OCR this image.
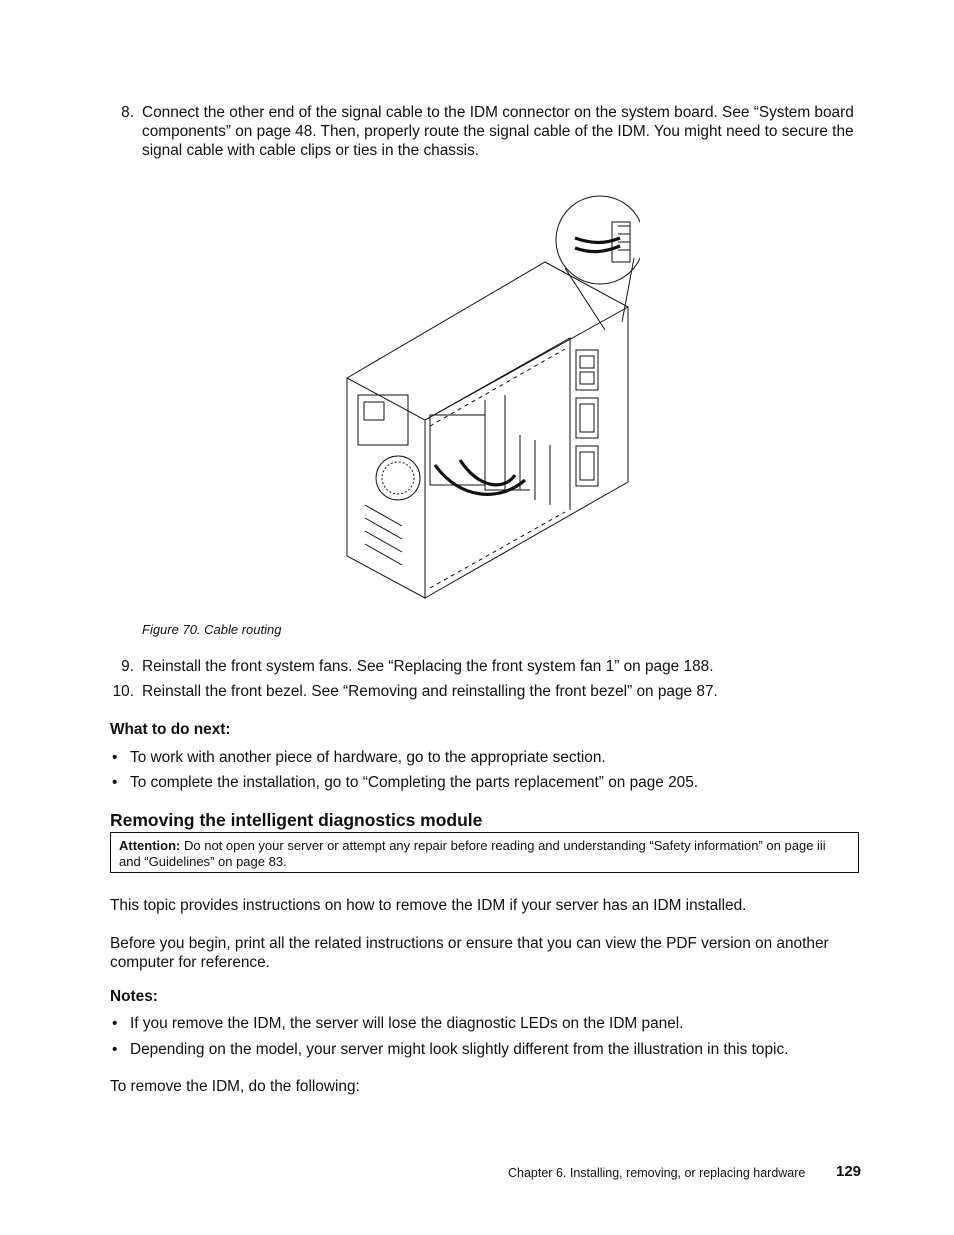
8. Connect the other end of the signal cable to the IDM connector on the system board. See “System board components” on page 48. Then, properly route the signal cable of the IDM. You might need to secure the signal cable with cable clips or ties in the chassis.
Figure 70. Cable routing
9. Reinstall the front system fans. See “Replacing the front system fan 1” on page 188.
10. Reinstall the front bezel. See “Removing and reinstalling the front bezel” on page 87.
What to do next:
• To work with another piece of hardware, go to the appropriate section.
• To complete the installation, go to “Completing the parts replacement” on page 205.
Removing the intelligent diagnostics module
Attention: Do not open your server or attempt any repair before reading and understanding “Safety information” on page iii and “Guidelines” on page 83.
This topic provides instructions on how to remove the IDM if your server has an IDM installed.
Before you begin, print all the related instructions or ensure that you can view the PDF version on another computer for reference.
Notes:
• If you remove the IDM, the server will lose the diagnostic LEDs on the IDM panel.
• Depending on the model, your server might look slightly different from the illustration in this topic.
To remove the IDM, do the following:
Chapter 6. Installing, removing, or replacing hardware 129
